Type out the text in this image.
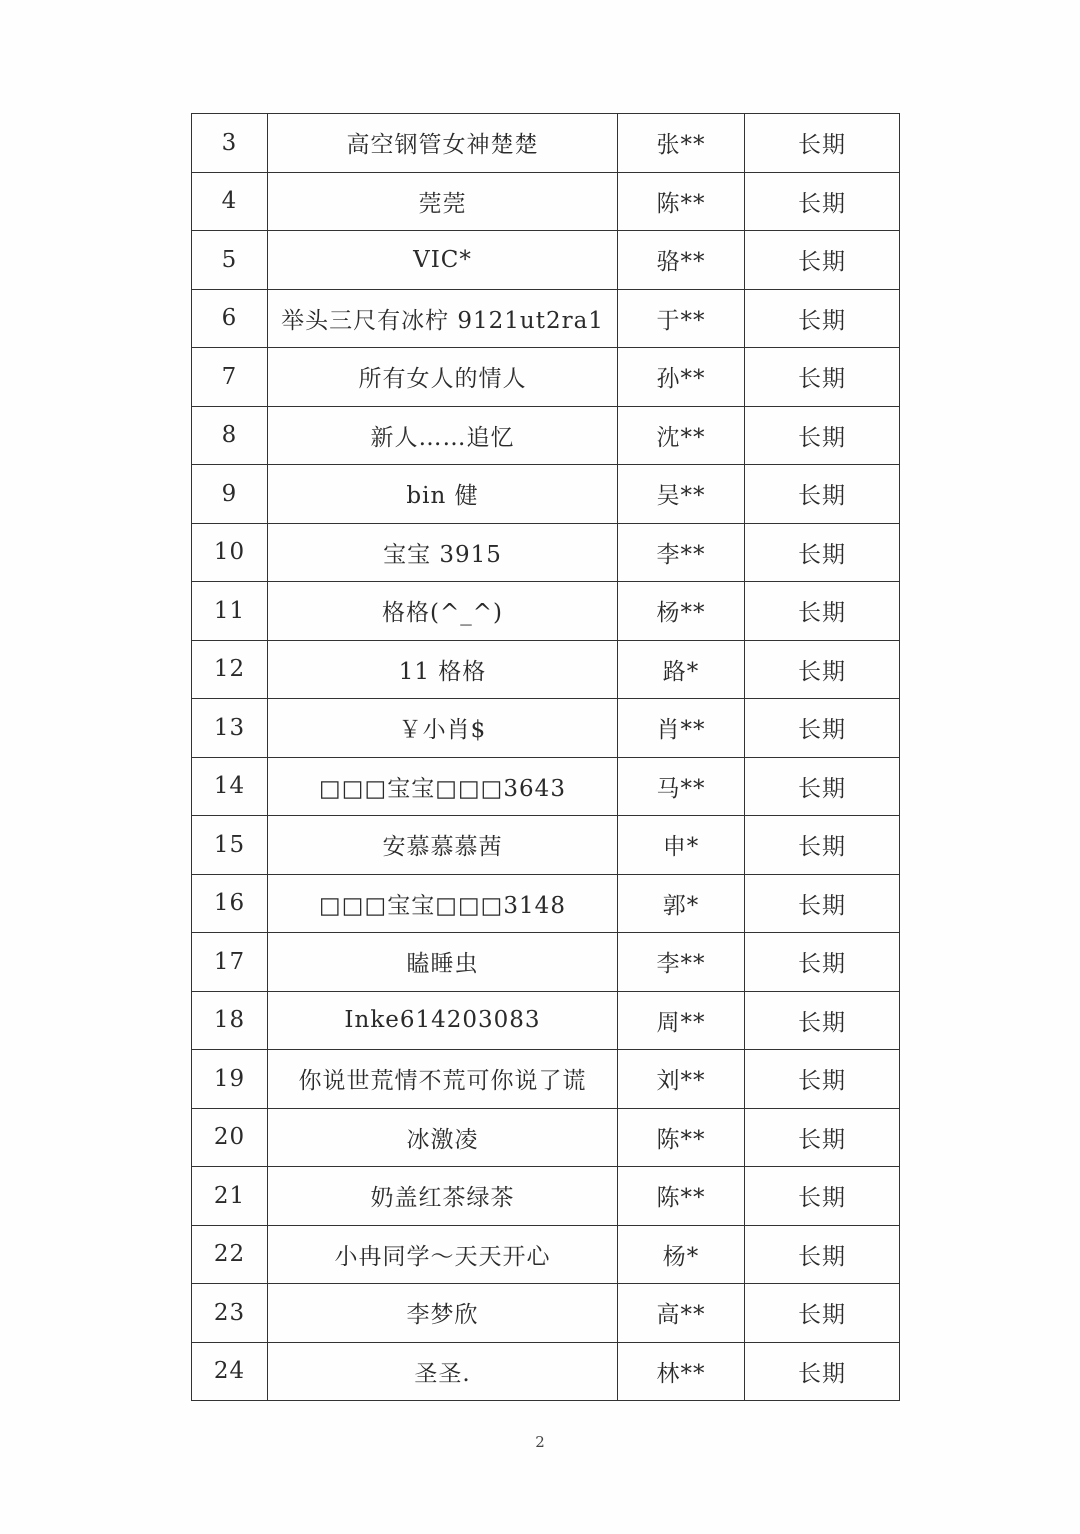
3	高空钢管女神楚楚	张**	长期
4	莞莞	陈**	长期
5	VIC*	骆**	长期
6	举头三尺有冰柠 9121ut2ra1	于**	长期
7	所有女人的情人	孙**	长期
8	新人……追忆	沈**	长期
9	bin 健	吴**	长期
10	宝宝 3915	李**	长期
11	格格(^_^)	杨**	长期
12	11 格格	路*	长期
13	￥小肖$	肖**	长期
14	□□□宝宝□□□3643	马**	长期
15	安慕慕慕茜	申*	长期
16	□□□宝宝□□□3148	郭*	长期
17	瞌睡虫	李**	长期
18	Inke614203083	周**	长期
19	你说世荒情不荒可你说了谎	刘**	长期
20	冰激凌	陈**	长期
21	奶盖红茶绿茶	陈**	长期
22	小冉同学～天天开心	杨*	长期
23	李梦欣	高**	长期
24	圣圣.	林**	长期
2
